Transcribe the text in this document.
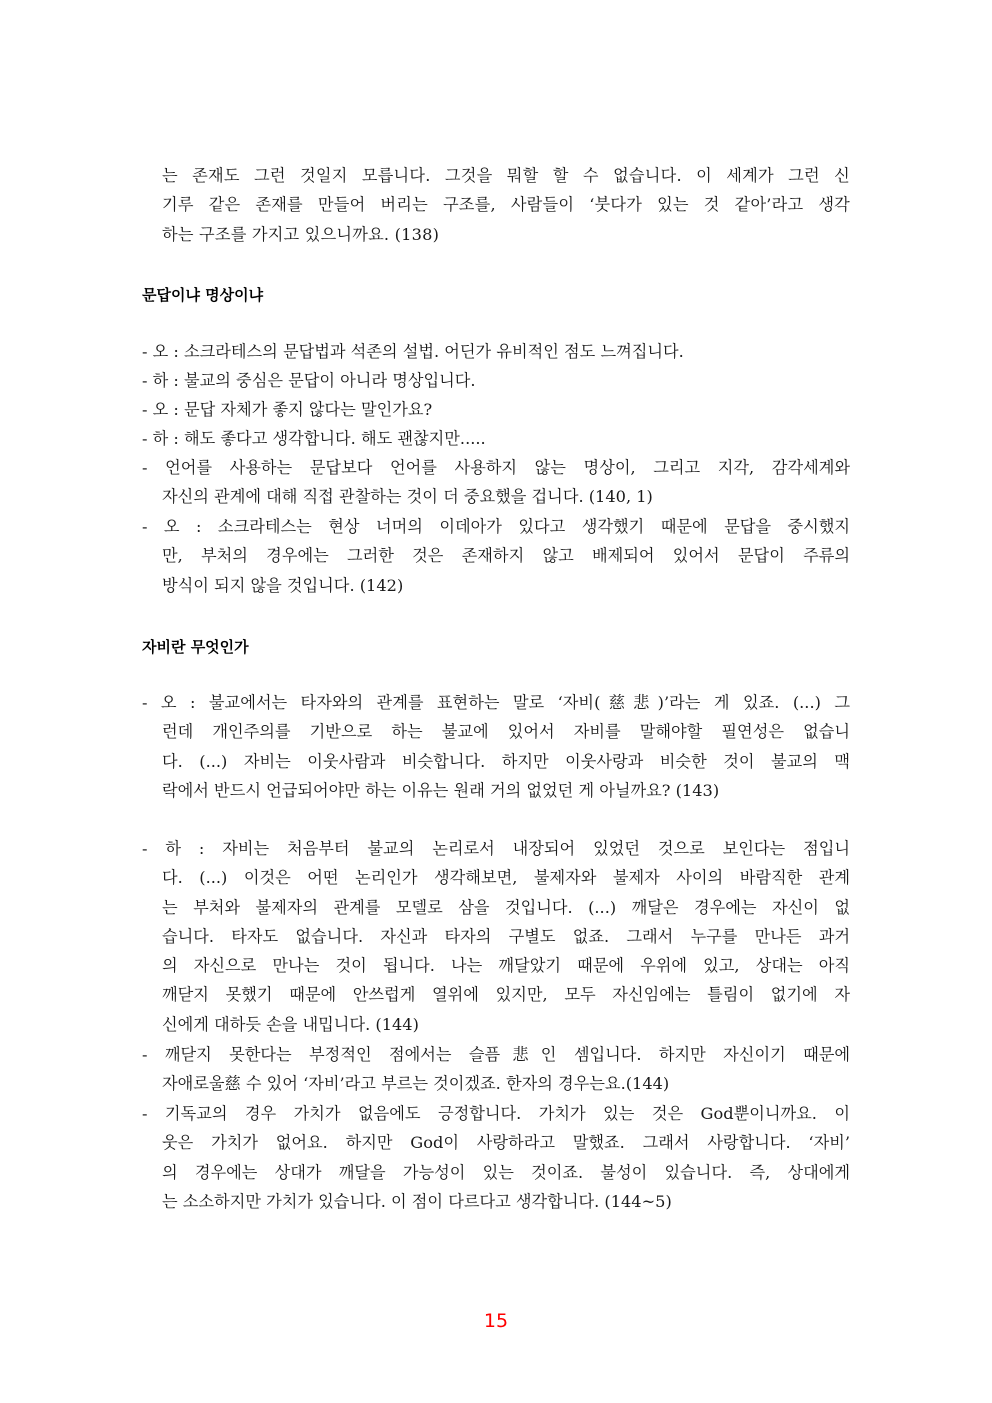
는 존재도 그런 것일지 모릅니다. 그것을 뭐할 할 수 없습니다. 이 세계가 그런 신
기루 같은 존재를 만들어 버리는 구조를, 사람들이 ‘붓다가 있는 것 같아’라고 생각
하는 구조를 가지고 있으니까요. (138)
문답이냐 명상이냐
- 오 : 소크라테스의 문답법과 석존의 설법. 어딘가 유비적인 점도 느껴집니다.
- 하 : 불교의 중심은 문답이 아니라 명상입니다.
- 오 : 문답 자체가 좋지 않다는 말인가요?
- 하 : 해도 좋다고 생각합니다. 해도 괜찮지만.....
- 언어를 사용하는 문답보다 언어를 사용하지 않는 명상이, 그리고 지각, 감각세계와
자신의 관계에 대해 직접 관찰하는 것이 더 중요했을 겁니다. (140, 1)
- 오 : 소크라테스는 현상 너머의 이데아가 있다고 생각했기 때문에 문답을 중시했지
만, 부처의 경우에는 그러한 것은 존재하지 않고 배제되어 있어서 문답이 주류의
방식이 되지 않을 것입니다. (142)
자비란 무엇인가
- 오 : 불교에서는 타자와의 관계를 표현하는 말로 ‘자비(慈悲)’라는 게 있죠. (...) 그
런데 개인주의를 기반으로 하는 불교에 있어서 자비를 말해야할 필연성은 없습니
다. (...) 자비는 이웃사람과 비슷합니다. 하지만 이웃사랑과 비슷한 것이 불교의 맥
락에서 반드시 언급되어야만 하는 이유는 원래 거의 없었던 게 아닐까요? (143)
- 하 : 자비는 처음부터 불교의 논리로서 내장되어 있었던 것으로 보인다는 점입니
다. (...) 이것은 어떤 논리인가 생각해보면, 불제자와 불제자 사이의 바람직한 관계
는 부처와 불제자의 관계를 모델로 삼을 것입니다. (...) 깨달은 경우에는 자신이 없
습니다. 타자도 없습니다. 자신과 타자의 구별도 없죠. 그래서 누구를 만나든 과거
의 자신으로 만나는 것이 됩니다. 나는 깨달았기 때문에 우위에 있고, 상대는 아직
깨닫지 못했기 때문에 안쓰럽게 열위에 있지만, 모두 자신임에는 틀림이 없기에 자
신에게 대하듯 손을 내밉니다. (144)
- 깨닫지 못한다는 부정적인 점에서는 슬픔悲인 셈입니다. 하지만 자신이기 때문에
자애로울慈 수 있어 ‘자비’라고 부르는 것이겠죠. 한자의 경우는요.(144)
- 기독교의 경우 가치가 없음에도 긍정합니다. 가치가 있는 것은 God뿐이니까요. 이
웃은 가치가 없어요. 하지만 God이 사랑하라고 말했죠. 그래서 사랑합니다. ‘자비’
의 경우에는 상대가 깨달을 가능성이 있는 것이죠. 불성이 있습니다. 즉, 상대에게
는 소소하지만 가치가 있습니다. 이 점이 다르다고 생각합니다. (144~5)
15
